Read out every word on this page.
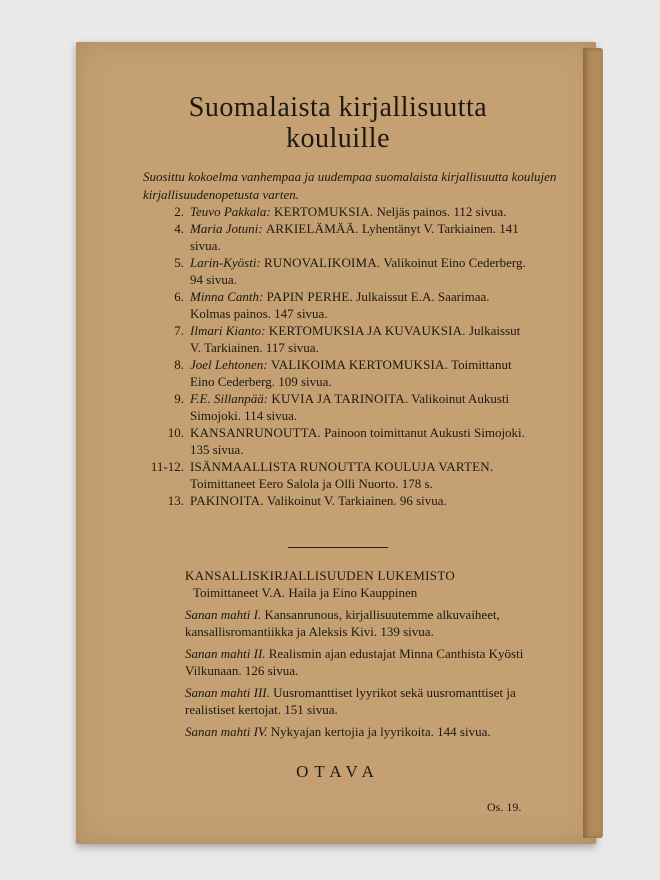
Suomalaista kirjallisuutta
kouluille
Suosittu kokoelma vanhempaa ja uudempaa suomalaista kirjallisuutta koulujen kirjallisuudenopetusta varten.
2. Teuvo Pakkala: KERTOMUKSIA. Neljäs painos. 112 sivua.
4. Maria Jotuni: ARKIELÄMÄÄ. Lyhentänyt V. Tarkiainen. 141 sivua.
5. Larin-Kyösti: RUNOVALIKOIMA. Valikoinut Eino Cederberg. 94 sivua.
6. Minna Canth: PAPIN PERHE. Julkaissut E.A. Saarimaa. Kolmas painos. 147 sivua.
7. Ilmari Kianto: KERTOMUKSIA JA KUVAUKSIA. Julkaissut V. Tarkiainen. 117 sivua.
8. Joel Lehtonen: VALIKOIMA KERTOMUKSIA. Toimittanut Eino Cederberg. 109 sivua.
9. F.E. Sillanpää: KUVIA JA TARINOITA. Valikoinut Aukusti Simojoki. 114 sivua.
10. KANSANRUNOUTTA. Painoon toimittanut Aukusti Simojoki. 135 sivua.
11-12. ISÄNMAALLISTA RUNOUTTA KOULUJA VARTEN. Toimittaneet Eero Salola ja Olli Nuorto. 178 s.
13. PAKINOITA. Valikoinut V. Tarkiainen. 96 sivua.
KANSALLISKIRJALLISUUDEN LUKEMISTO
Toimittaneet V.A. Haila ja Eino Kauppinen
Sanan mahti I. Kansanrunous, kirjallisuutemme alkuvaiheet, kansallisromantiikka ja Aleksis Kivi. 139 sivua.
Sanan mahti II. Realismin ajan edustajat Minna Canthista Kyösti Vilkunaan. 126 sivua.
Sanan mahti III. Uusromanttiset lyyrikot sekä uusromanttiset ja realistiset kertojat. 151 sivua.
Sanan mahti IV. Nykyajan kertojia ja lyyrikoita. 144 sivua.
OTAVA
Os. 19.
